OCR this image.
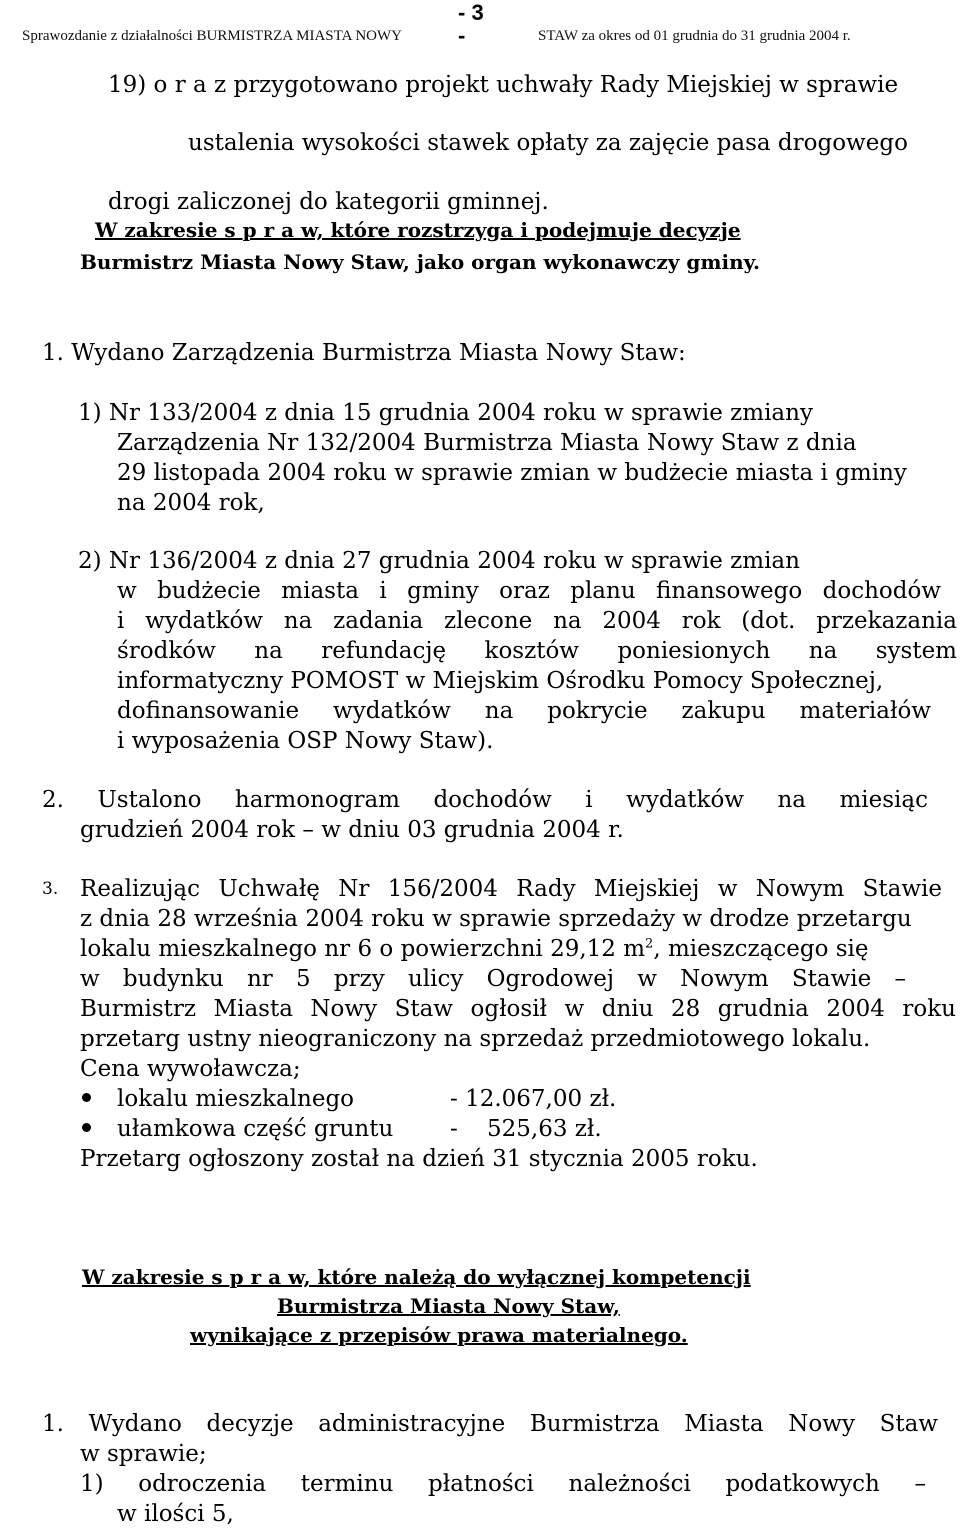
Sprawozdanie z działalności BURMISTRZA MIASTA NOWY
- 3
-	STAW za okres od 01 grudnia do 31 grudnia 2004 r.
19) o r a z przygotowano projekt uchwały Rady Miejskiej w sprawie
ustalenia wysokości stawek opłaty za zajęcie pasa drogowego
drogi zaliczonej do kategorii gminnej.
W zakresie s p r a w, które rozstrzyga i podejmuje decyzje
Burmistrz Miasta Nowy Staw, jako organ wykonawczy gminy.
1. Wydano Zarządzenia Burmistrza Miasta Nowy Staw:
1) Nr 133/2004 z dnia 15 grudnia 2004 roku w sprawie zmiany
Zarządzenia Nr 132/2004 Burmistrza Miasta Nowy Staw z dnia
29 listopada 2004 roku w sprawie zmian w budżecie miasta i gminy
na 2004 rok,
2) Nr 136/2004 z dnia 27 grudnia 2004 roku w sprawie zmian
w budżecie miasta i gminy oraz planu finansowego dochodów
i wydatków na zadania zlecone na 2004 rok (dot. przekazania
środków na refundację kosztów poniesionych na system
informatyczny POMOST w Miejskim Ośrodku Pomocy Społecznej,
dofinansowanie wydatków na pokrycie zakupu materiałów
i wyposażenia OSP Nowy Staw).
2. Ustalono harmonogram dochodów i wydatków na miesiąc
grudzień 2004 rok – w dniu 03 grudnia 2004 r.
3. Realizując Uchwałę Nr 156/2004 Rady Miejskiej w Nowym Stawie
z dnia 28 września 2004 roku w sprawie sprzedaży w drodze przetargu
lokalu mieszkalnego nr 6 o powierzchni 29,12 $m^2$, mieszczącego się
w budynku nr 5 przy ulicy Ogrodowej w Nowym Stawie –
Burmistrz Miasta Nowy Staw ogłosił w dniu 28 grudnia 2004 roku
przetarg ustny nieograniczony na sprzedaż przedmiotowego lokalu.
Cena wywoławcza;
lokalu mieszkalnego	- 12.067,00 zł.
ułamkowa część gruntu -    525,63 zł.
Przetarg ogłoszony został na dzień 31 stycznia 2005 roku.
W zakresie s p r a w, które należą do wyłącznej kompetencji
Burmistrza Miasta Nowy Staw,
wynikające z przepisów prawa materialnego.
1. Wydano decyzje administracyjne Burmistrza Miasta Nowy Staw
w sprawie;
1) odroczenia terminu płatności należności podatkowych –
w ilości 5,
